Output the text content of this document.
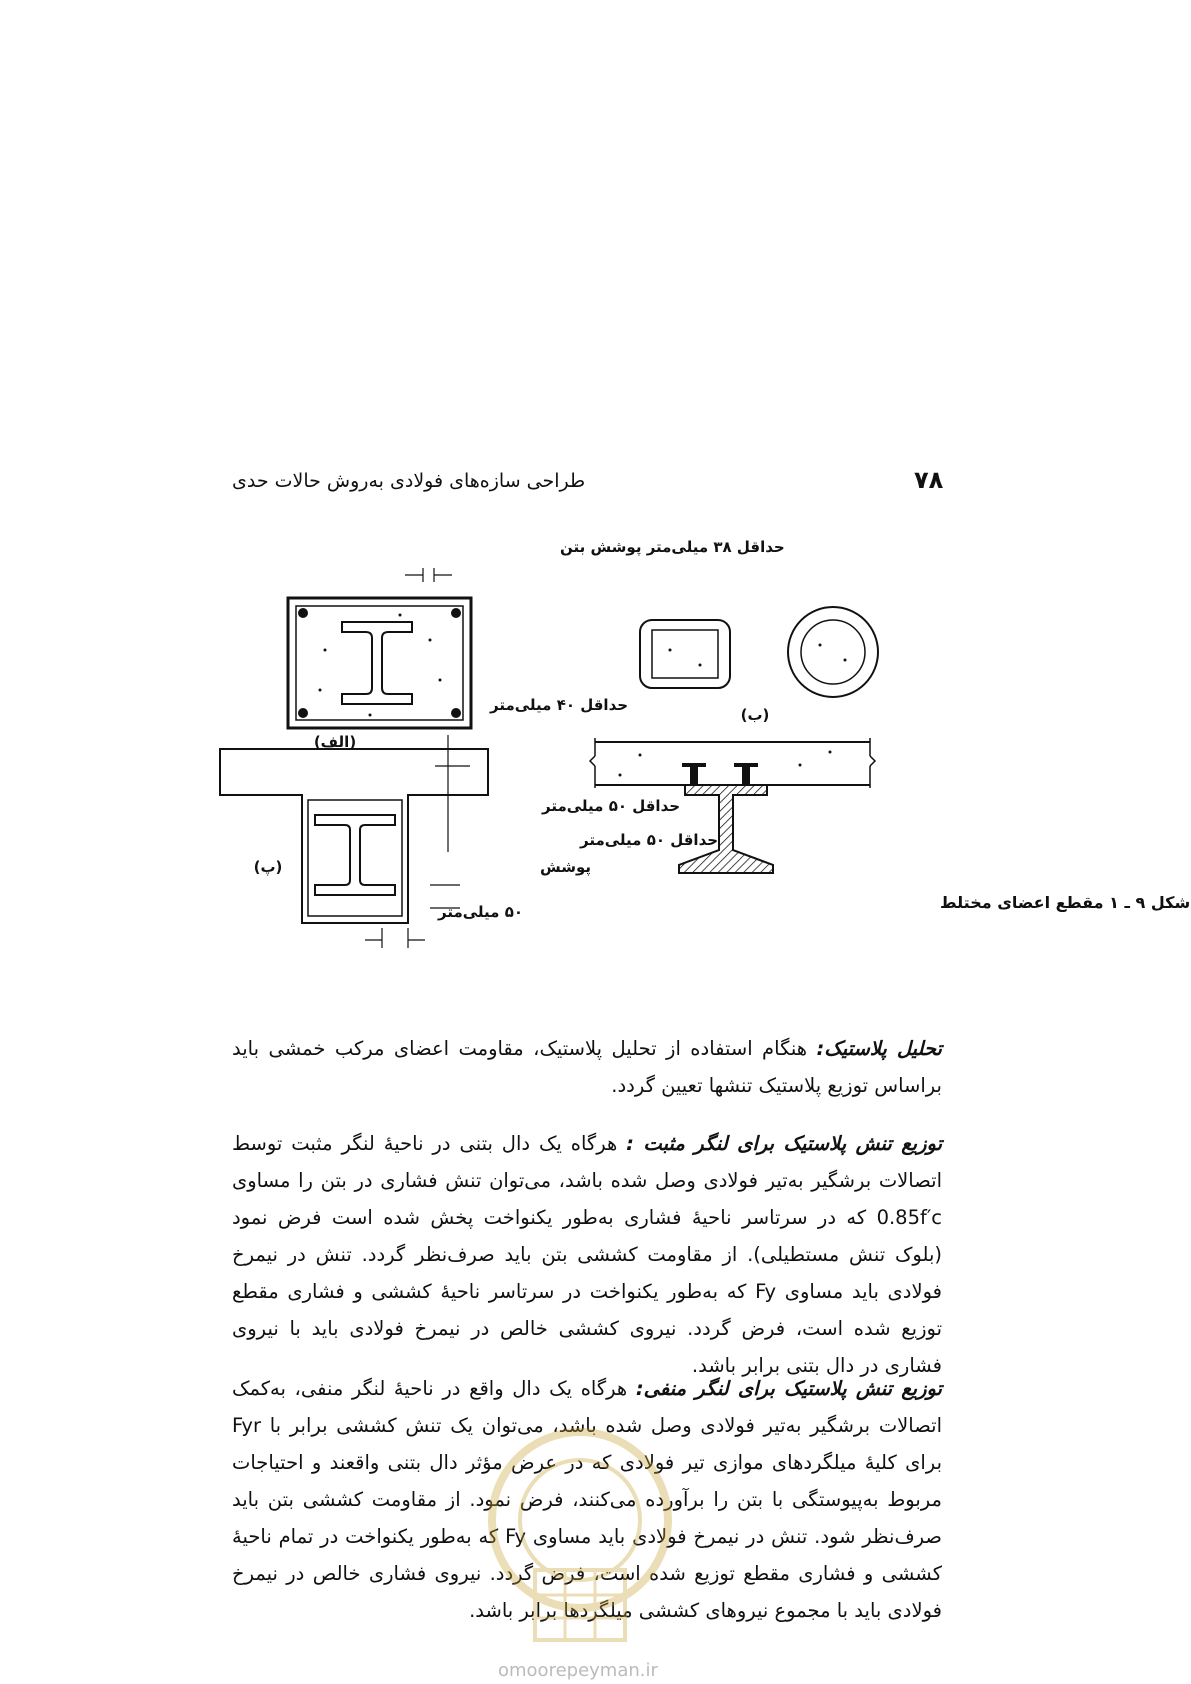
۷۸
طراحی سازه‌های فولادی به‌روش حالات حدی
حداقل ۳۸ میلی‌متر پوشش بتن
(الف)
(ب)
حداقل ۴۰ میلی‌متر
حداقل ۵۰ میلی‌متر
حداقل ۵۰ میلی‌متر
پوشش
(پ)
۵۰ میلی‌متر	شکل ۹ ـ ۱ مقطع اعضای مختلط
تحلیل پلاستیک: هنگام استفاده از تحلیل پلاستیک، مقاومت اعضای مرکب خمشی باید براساس توزیع پلاستیک تنشها تعیین گردد.
توزیع تنش پلاستیک برای لنگر مثبت : هرگاه یک دال بتنی در ناحیهٔ لنگر مثبت توسط اتصالات برشگیر به‌تیر فولادی وصل شده باشد، می‌توان تنش فشاری در بتن را مساوی 0.85f′c که در سرتاسر ناحیهٔ فشاری به‌طور یکنواخت پخش شده است فرض نمود (بلوک تنش مستطیلی). از مقاومت کششی بتن باید صرف‌نظر گردد. تنش در نیمرخ فولادی باید مساوی Fy که به‌طور یکنواخت در سرتاسر ناحیهٔ کششی و فشاری مقطع توزیع شده است، فرض گردد. نیروی کششی خالص در نیمرخ فولادی باید با نیروی فشاری در دال بتنی برابر باشد.
توزیع تنش پلاستیک برای لنگر منفی: هرگاه یک دال واقع در ناحیهٔ لنگر منفی، به‌کمک اتصالات برشگیر به‌تیر فولادی وصل شده باشد، می‌توان یک تنش کششی برابر با Fyr برای کلیهٔ میلگردهای موازی تیر فولادی که در عرض مؤثر دال بتنی واقعند و احتیاجات مربوط به‌پیوستگی با بتن را برآورده می‌کنند، فرض نمود. از مقاومت کششی بتن باید صرف‌نظر شود. تنش در نیمرخ فولادی باید مساوی Fy که به‌طور یکنواخت در تمام ناحیهٔ کششی و فشاری مقطع توزیع شده است، فرض گردد. نیروی فشاری خالص در نیمرخ فولادی باید با مجموع نیروهای کششی میلگردها برابر باشد.
omoorepeyman.ir
